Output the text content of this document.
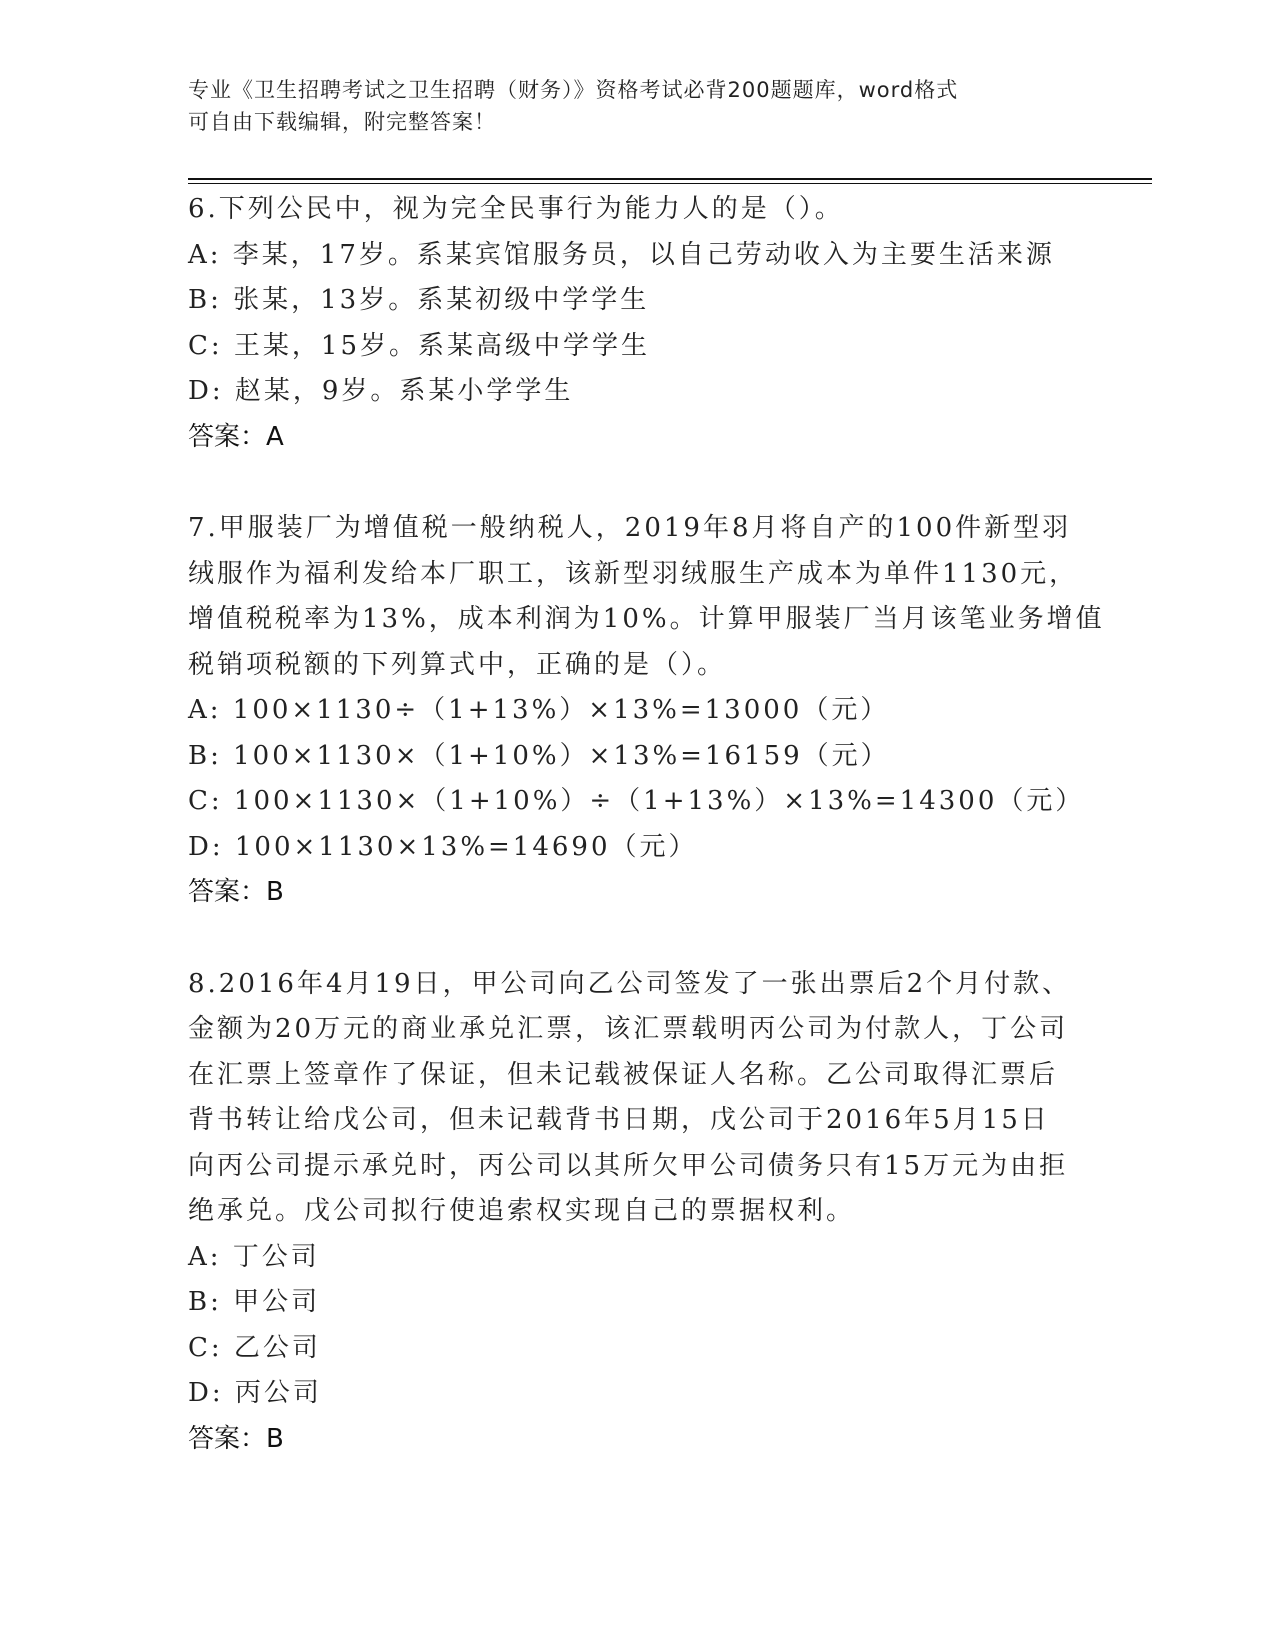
专业《卫生招聘考试之卫生招聘（财务）》资格考试必背200题题库，word格式
可自由下载编辑，附完整答案！
6.下列公民中，视为完全民事行为能力人的是（）。
A: 李某，17岁。系某宾馆服务员，以自己劳动收入为主要生活来源
B: 张某，13岁。系某初级中学学生
C: 王某，15岁。系某高级中学学生
D: 赵某，9岁。系某小学学生
答案：A
7.甲服装厂为增值税一般纳税人，2019年8月将自产的100件新型羽
绒服作为福利发给本厂职工，该新型羽绒服生产成本为单件1130元，
增值税税率为13%，成本利润为10%。计算甲服装厂当月该笔业务增值
税销项税额的下列算式中，正确的是（）。
A: 100×1130÷（1+13%）×13%=13000（元）
B: 100×1130×（1+10%）×13%=16159（元）
C: 100×1130×（1+10%）÷（1+13%）×13%=14300（元）
D: 100×1130×13%=14690（元）
答案：B
8.2016年4月19日，甲公司向乙公司签发了一张出票后2个月付款、
金额为20万元的商业承兑汇票，该汇票载明丙公司为付款人，丁公司
在汇票上签章作了保证，但未记载被保证人名称。乙公司取得汇票后
背书转让给戊公司，但未记载背书日期，戊公司于2016年5月15日
向丙公司提示承兑时，丙公司以其所欠甲公司债务只有15万元为由拒
绝承兑。戊公司拟行使追索权实现自己的票据权利。
A: 丁公司
B: 甲公司
C: 乙公司
D: 丙公司
答案：B
